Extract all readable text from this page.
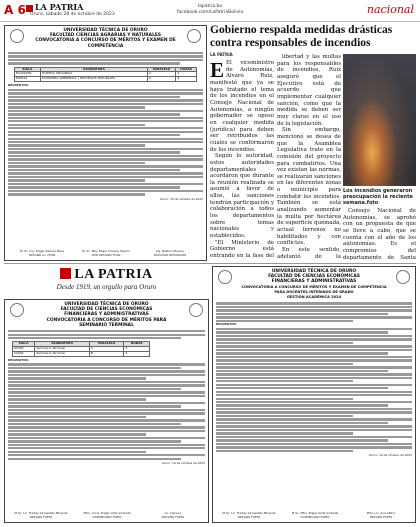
A 6	LA PATRIA
Oruro, sábado 28 de octubre de 2023
lapatria.bo facebook.com/LaPatriaBolivia	nacional
UNIVERSIDAD TÉCNICA DE ORURO
FACULTAD CIENCIAS AGRARIAS Y NATURALES
CONVOCATORIA A CONCURSO DE MÉRITOS Y EXAMEN DE COMPETENCIA
SIGLA	ASIGNATURA	PARALELO	HORAS
ECAS2000	QUÍMICA ORGÁNICA	A	4
FAN221	ECONOMÍA AMBIENTAL Y RECURSOS NATURALES	A	4
REQUISITOS:
Oruro, 18 de octubre de 2023
M. Sc. Ing. Edgar Siácoar Baca
DECANO a.i. FCAN
M. Sc. Mig. Edgar Choque Pizarro
VICE DECANO FCAN
Ing. Nathan Moreno
FACULTAD NATURALES
Gobierno respalda medidas drásticas contra responsables de incendios
LA PATRIA

E El viceministro de Autonomías, Álvaro Ruiz, manifestó que ya se haya tratado el tema de los incendios en el Consejo Nacional de Autonomías, a ningún gobernador se opuso en cualquier medida (jurídica) para deben ser retribuidos las cuales se conformaron de los incendios.

Según lo autoridad, estos autoridades departamentales acordaron que durante la reunión realizada se asumió a favor de ellos, las sanciones tendrán participación y colaboración a todos los departamentos sobre temas nacionales y establecidos.

"El Ministerio de Gobierno está entrando en la fase del

libertad y las multas para los responsables de incendios, Ruiz aseguró que el Ejecutivo está de acuerdo que implementar cualquier sanción, como que la medida se deben ser muy claras en el uso de la legislación.

Sin embargo, mencionó se desea de que la Asamblea Legislativa trate en la comisión del proyecto para combatirlos. Una vez existan las normas, se realizarán sanciones en las diferentes zonas o municipio para combatir los incendios. También se está analizando aumentar la multa por hectárea de superficie quemada, actual terrenos no habilitados y con conflictos.

En este sentido, adelantó de la

Los incendios generaron preocupación la reciente semana.foto

Consejo Nacional de Autonomías, se aprobó con un propuesta de que se lleve a cabo, que se cuenta con el año de los autonomías. Es el compromiso del departamento de Santa

LA PATRIA
Desde 1919, un orgullo para Oruro
UNIVERSIDAD TÉCNICA DE ORURO
FACULTAD DE CIENCIAS ECONÓMICAS
FINANCIERAS Y ADMINISTRATIVAS
CONVOCATORIA A CONCURSO DE MÉRITOS PARA
SEMINARIO TERMINAL
SIGLA	ASIGNATURA	PARALELO	HORAS
S2005	Seminario Terminal	A	4
S2004	Seminario Terminal	B	4
REQUISITOS:
Oruro, 16 de octubre de 2023
M.Sc. Lic. Freddy Gil Castillo Miranda
DECANO FCEFA
Mtro. Arinq. Edgar Ortiz Andrade
VICEDECANO FCEFA
Lic. Decano
DECANO FCEFA
UNIVERSIDAD TÉCNICA DE ORURO
FACULTAD DE CIENCIAS ECONÓMICAS
FINANCIERAS Y ADMINISTRATIVAS
CONVOCATORIA A CONCURSO DE MÉRITOS Y EXAMEN DE COMPETENCIA
PARA DOCENTES INTERINOS DE GRADO
GESTIÓN ACADÉMICA 2024
REQUISITOS:
Oruro, 16 de octubre de 2023
M.Sc. Lic. Freddy Gil Castillo Miranda
DECANO FCEFA
M.Sc. Mtro. Edgar Ortiz Andrade
VICEDECANO FCEFA
PhD. Lic. Ana Alfaro
DECANO FCEFA
